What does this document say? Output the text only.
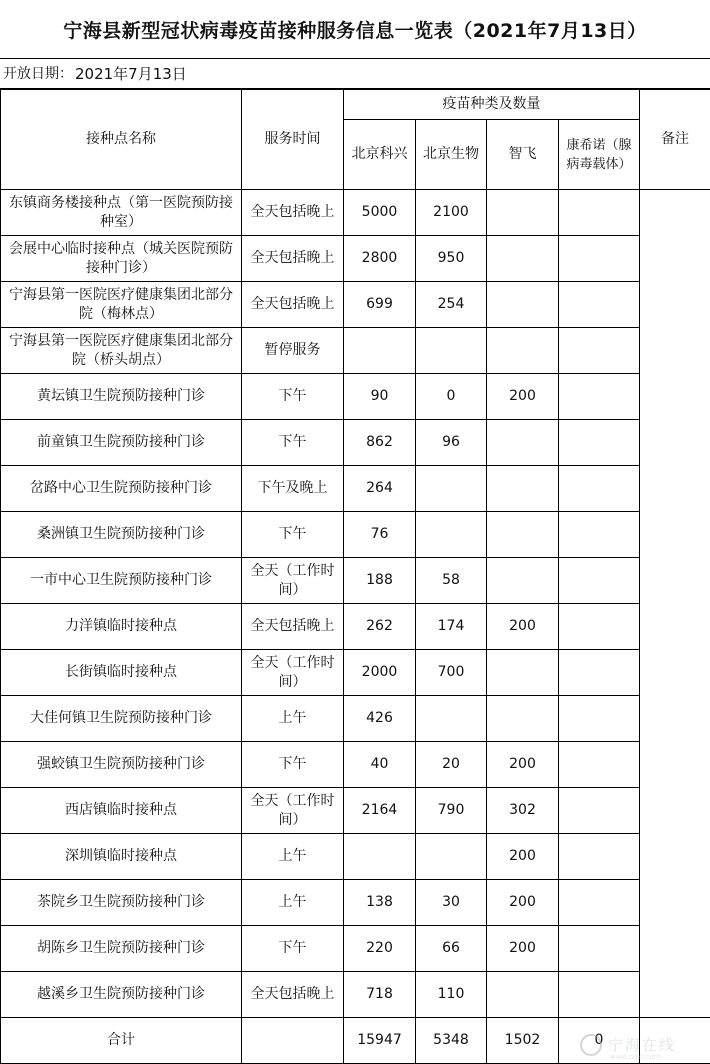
宁海县新型冠状病毒疫苗接种服务信息一览表（2021年7月13日）
开放日期： 2021年7月13日
接种点名称	服务时间	疫苗种类及数量				备注
		北京科兴	北京生物	智飞	康希诺（腺病毒载体）	
东镇商务楼接种点（第一医院预防接种室）	全天包括晚上	5000	2100			
会展中心临时接种点（城关医院预防接种门诊）	全天包括晚上	2800	950			
宁海县第一医院医疗健康集团北部分院（梅林点）	全天包括晚上	699	254			
宁海县第一医院医疗健康集团北部分院（桥头胡点）	暂停服务					
黄坛镇卫生院预防接种门诊	下午	90	0	200		
前童镇卫生院预防接种门诊	下午	862	96			
岔路中心卫生院预防接种门诊	下午及晚上	264				
桑洲镇卫生院预防接种门诊	下午	76				
一市中心卫生院预防接种门诊	全天（工作时间）	188	58			
力洋镇临时接种点	全天包括晚上	262	174	200		
长街镇临时接种点	全天（工作时间）	2000	700			
大佳何镇卫生院预防接种门诊	上午	426				
强蛟镇卫生院预防接种门诊	下午	40	20	200		
西店镇临时接种点	全天（工作时间）	2164	790	302		
深圳镇临时接种点	上午			200		
茶院乡卫生院预防接种门诊	上午	138	30	200		
胡陈乡卫生院预防接种门诊	下午	220	66	200		
越溪乡卫生院预防接种门诊	全天包括晚上	718	110			
合计		15947	5348	1502	0	宁海在线
www.nhzj.com
